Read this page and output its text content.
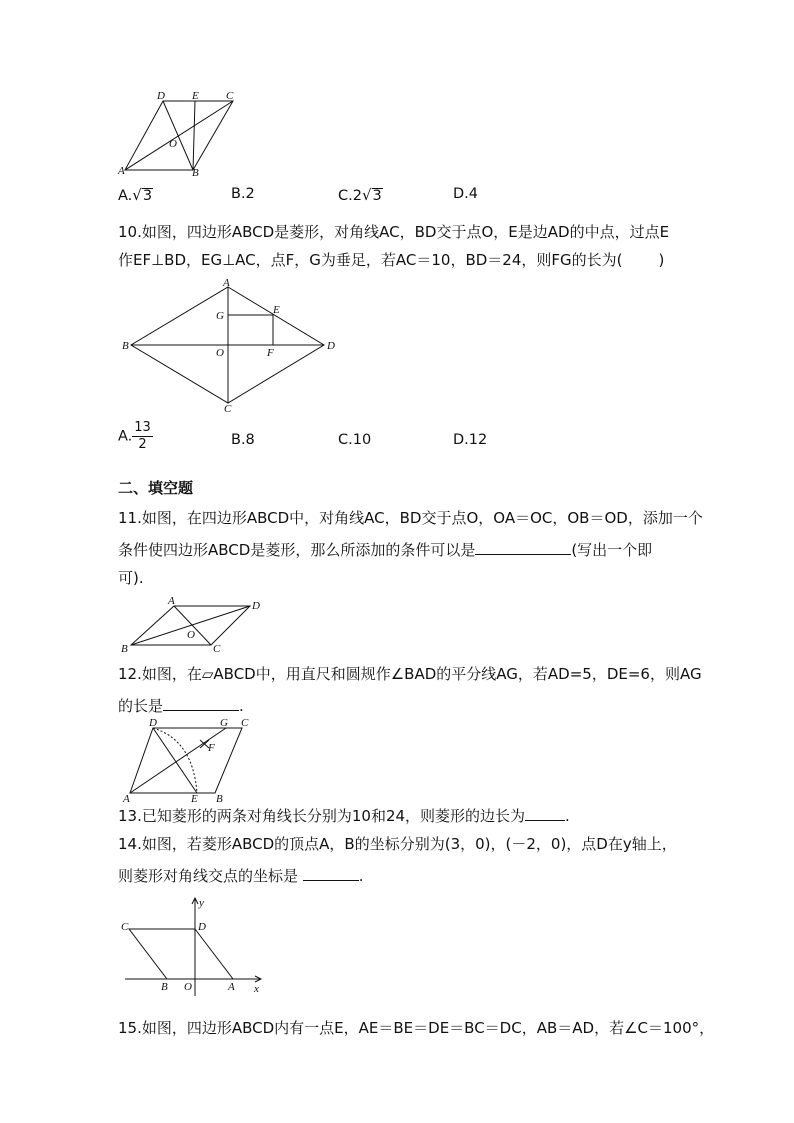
D E C
O
A	B
A.√3	B.2	C.2√3	D.4
10.如图，四边形ABCD是菱形，对角线AC，BD交于点O，E是边AD的中点，过点E
作EF⊥BD，EG⊥AC，点F，G为垂足，若AC＝10，BD＝24，则FG的长为( )
A
G	E
B
O	F
D
C
A. $\frac{13}{2}$	B.8	C.10	D.12
二、填空题
11.如图，在四边形ABCD中，对角线AC，BD交于点O，OA＝OC，OB＝OD，添加一个
条件使四边形ABCD是菱形，那么所添加的条件可以是	(写出一个即
可).
A	D
O
B	C
12.如图，在▱ABCD中，用直尺和圆规作∠BAD的平分线AG，若AD=5，DE=6，则AG
的长是	.
D	G C
F
A	E B
13.已知菱形的两条对角线长分别为10和24，则菱形的边长为	.
14.如图，若菱形ABCD的顶点A，B的坐标分别为(3，0)，(－2，0)，点D在y轴上，
则菱形对角线交点的坐标是	.
y
C	D
B O	A x
15.如图，四边形ABCD内有一点E，AE＝BE＝DE＝BC＝DC，AB＝AD，若∠C＝100°，
